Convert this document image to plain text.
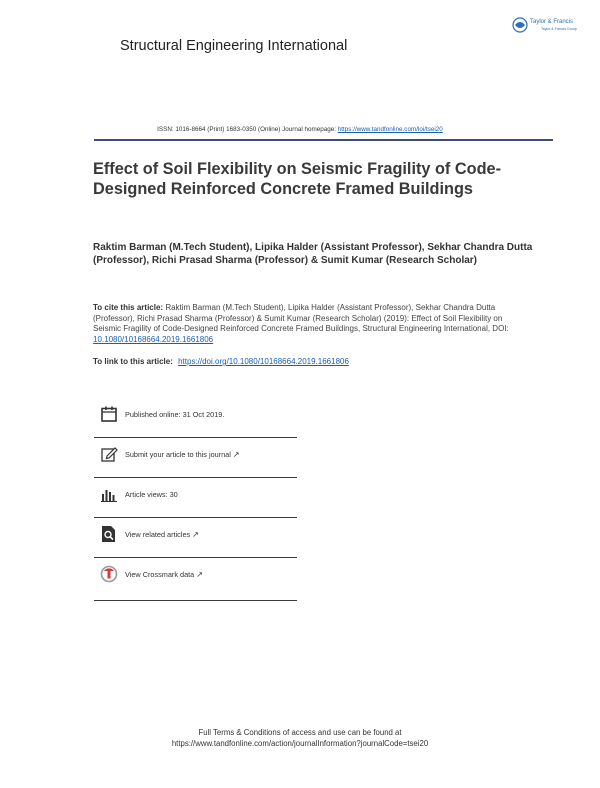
Structural Engineering International
Taylor & Francis
Taylor & Francis Group
ISSN: 1016-8664 (Print) 1683-0350 (Online) Journal homepage: https://www.tandfonline.com/loi/tsei20
Effect of Soil Flexibility on Seismic Fragility of Code-Designed Reinforced Concrete Framed Buildings
Raktim Barman (M.Tech Student), Lipika Halder (Assistant Professor), Sekhar Chandra Dutta (Professor), Richi Prasad Sharma (Professor) & Sumit Kumar (Research Scholar)
To cite this article: Raktim Barman (M.Tech Student), Lipika Halder (Assistant Professor), Sekhar Chandra Dutta (Professor), Richi Prasad Sharma (Professor) & Sumit Kumar (Research Scholar) (2019): Effect of Soil Flexibility on Seismic Fragility of Code-Designed Reinforced Concrete Framed Buildings, Structural Engineering International, DOI: 10.1080/10168664.2019.1661806
To link to this article: https://doi.org/10.1080/10168664.2019.1661806
Published online: 31 Oct 2019.
Submit your article to this journal ↗
Article views: 30
View related articles ↗
View Crossmark data ↗
Full Terms & Conditions of access and use can be found at
https://www.tandfonline.com/action/journalInformation?journalCode=tsei20
